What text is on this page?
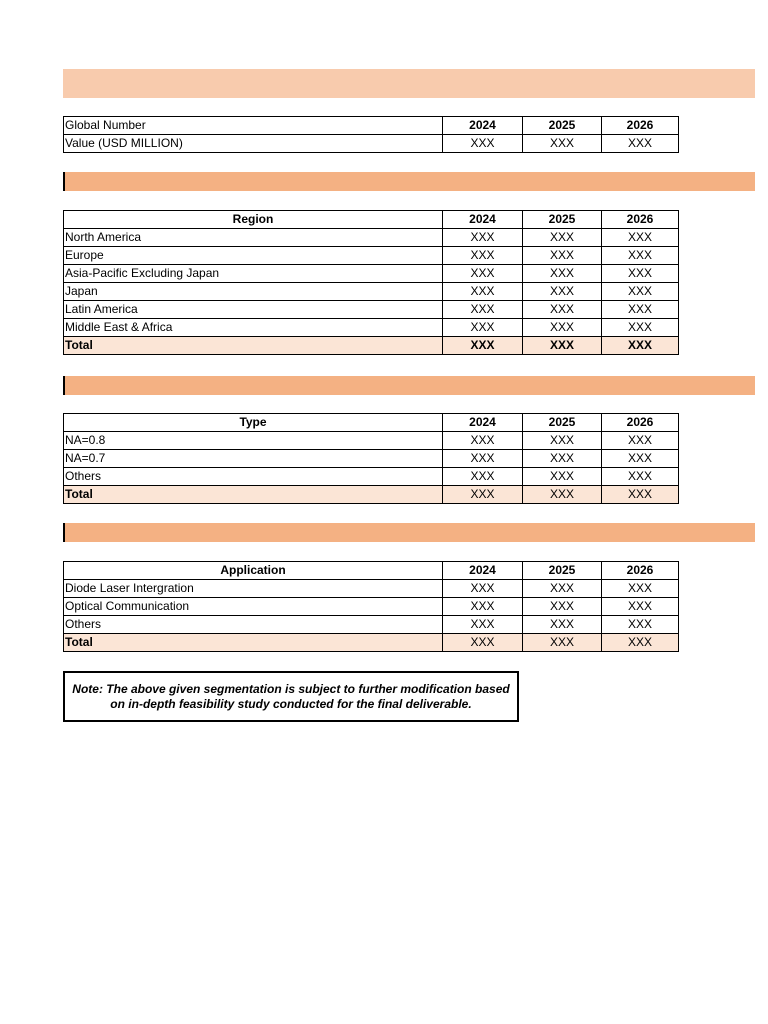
Global Number	2024	2025	2026
Value (USD MILLION)	XXX	XXX	XXX
Region	2024	2025	2026
North America	XXX	XXX	XXX
Europe	XXX	XXX	XXX
Asia-Pacific Excluding Japan	XXX	XXX	XXX
Japan	XXX	XXX	XXX
Latin America	XXX	XXX	XXX
Middle East & Africa	XXX	XXX	XXX
Total	XXX	XXX	XXX
Type	2024	2025	2026
NA=0.8	XXX	XXX	XXX
NA=0.7	XXX	XXX	XXX
Others	XXX	XXX	XXX
Total	XXX	XXX	XXX
Application	2024	2025	2026
Diode Laser Intergration	XXX	XXX	XXX
Optical Communication	XXX	XXX	XXX
Others	XXX	XXX	XXX
Total	XXX	XXX	XXX
Note: The above given segmentation is subject to further modification based on in-depth feasibility study conducted for the final deliverable.
